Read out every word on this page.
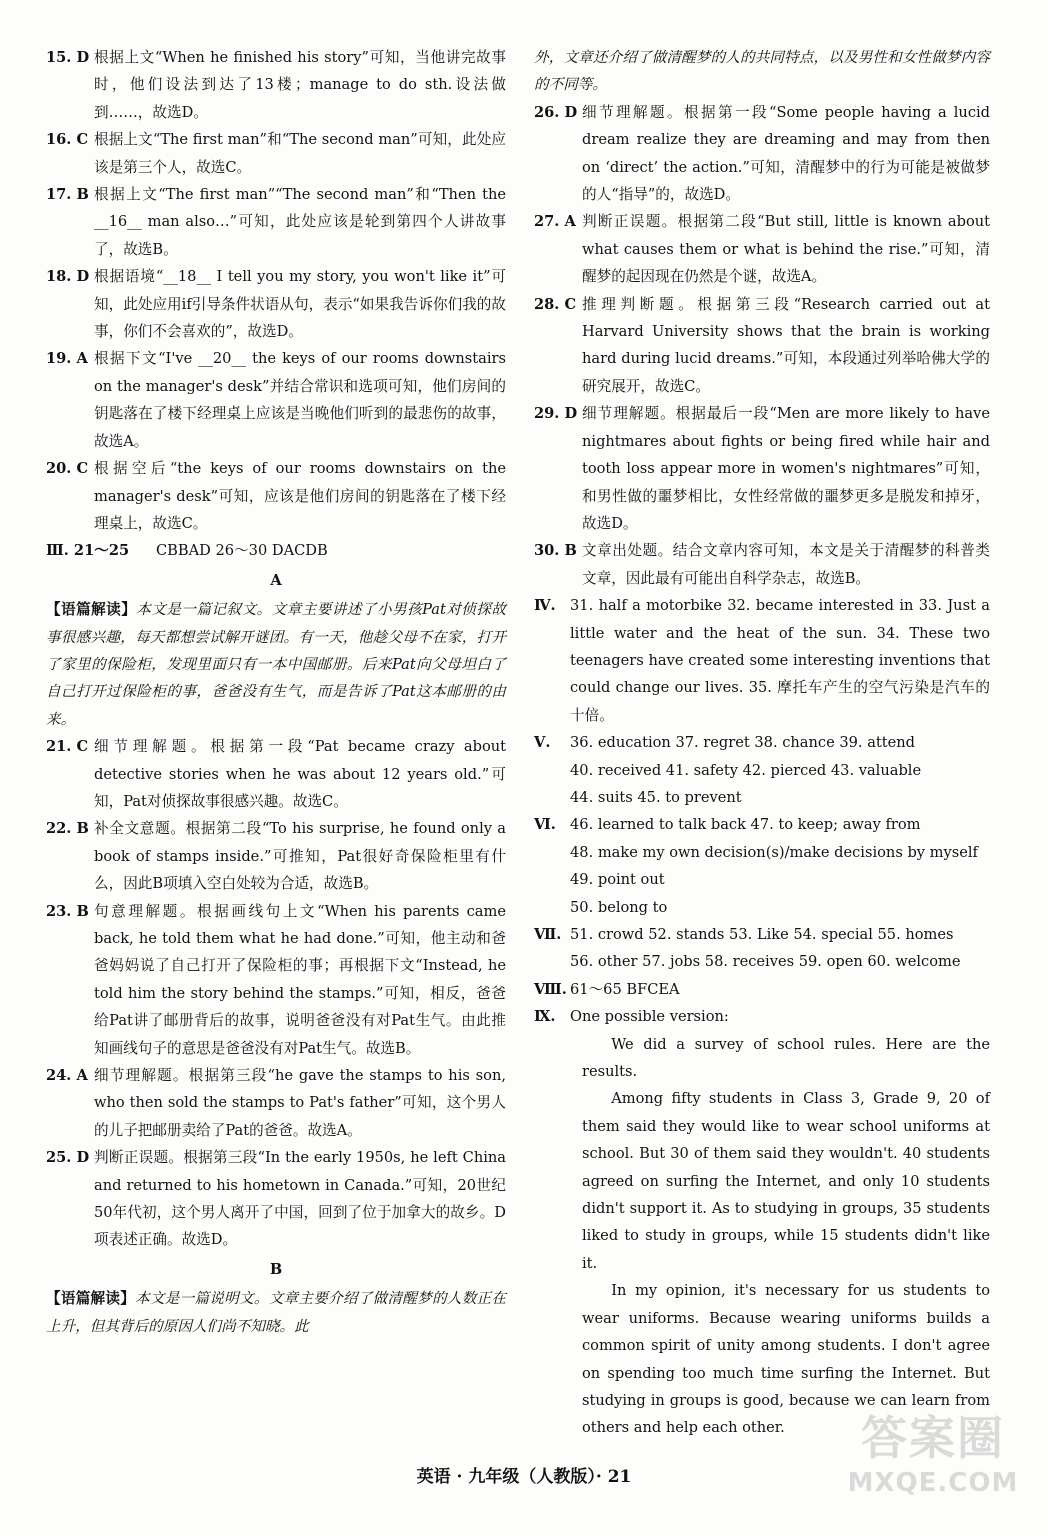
15. D 根据上文“When he finished his story”可知，当他讲完故事时，他们设法到达了13楼；manage to do sth.设法做到……，故选D。
16. C 根据上文“The first man”和“The second man”可知，此处应该是第三个人，故选C。
17. B 根据上文“The first man”“The second man”和“Then the __16__ man also…”可知，此处应该是轮到第四个人讲故事了，故选B。
18. D 根据语境“__18__ I tell you my story, you won't like it”可知，此处应用if引导条件状语从句，表示“如果我告诉你们我的故事，你们不会喜欢的”，故选D。
19. A 根据下文“I've __20__ the keys of our rooms downstairs on the manager's desk”并结合常识和选项可知，他们房间的钥匙落在了楼下经理桌上应该是当晚他们听到的最悲伤的故事，故选A。
20. C 根据空后“the keys of our rooms downstairs on the manager's desk”可知，应该是他们房间的钥匙落在了楼下经理桌上，故选C。
Ⅲ. 21～25	CBBAD 26～30 DACDB
A
【语篇解读】本文是一篇记叙文。文章主要讲述了小男孩Pat对侦探故事很感兴趣，每天都想尝试解开谜团。有一天，他趁父母不在家，打开了家里的保险柜，发现里面只有一本中国邮册。后来Pat向父母坦白了自己打开过保险柜的事，爸爸没有生气，而是告诉了Pat这本邮册的由来。
21. C 细节理解题。根据第一段“Pat became crazy about detective stories when he was about 12 years old.”可知，Pat对侦探故事很感兴趣。故选C。
22. B 补全文意题。根据第二段“To his surprise, he found only a book of stamps inside.”可推知，Pat很好奇保险柜里有什么，因此B项填入空白处较为合适，故选B。
23. B 句意理解题。根据画线句上文“When his parents came back, he told them what he had done.”可知，他主动和爸爸妈妈说了自己打开了保险柜的事；再根据下文“Instead, he told him the story behind the stamps.”可知，相反，爸爸给Pat讲了邮册背后的故事，说明爸爸没有对Pat生气。由此推知画线句子的意思是爸爸没有对Pat生气。故选B。
24. A 细节理解题。根据第三段“he gave the stamps to his son, who then sold the stamps to Pat's father”可知，这个男人的儿子把邮册卖给了Pat的爸爸。故选A。
25. D 判断正误题。根据第三段“In the early 1950s, he left China and returned to his hometown in Canada.”可知，20世纪50年代初，这个男人离开了中国，回到了位于加拿大的故乡。D项表述正确。故选D。
B
【语篇解读】本文是一篇说明文。文章主要介绍了做清醒梦的人数正在上升，但其背后的原因人们尚不知晓。此
外，文章还介绍了做清醒梦的人的共同特点，以及男性和女性做梦内容的不同等。
26. D 细节理解题。根据第一段“Some people having a lucid dream realize they are dreaming and may from then on ‘direct’ the action.”可知，清醒梦中的行为可能是被做梦的人“指导”的，故选D。
27. A 判断正误题。根据第二段“But still, little is known about what causes them or what is behind the rise.”可知，清醒梦的起因现在仍然是个谜，故选A。
28. C 推理判断题。根据第三段“Research carried out at Harvard University shows that the brain is working hard during lucid dreams.”可知，本段通过列举哈佛大学的研究展开，故选C。
29. D 细节理解题。根据最后一段“Men are more likely to have nightmares about fights or being fired while hair and tooth loss appear more in women's nightmares”可知，和男性做的噩梦相比，女性经常做的噩梦更多是脱发和掉牙，故选D。
30. B 文章出处题。结合文章内容可知，本文是关于清醒梦的科普类文章，因此最有可能出自科学杂志，故选B。
Ⅳ. 31. half a motorbike 32. became interested in 33. Just a little water and the heat of the sun. 34. These two teenagers have created some interesting inventions that could change our lives. 35. 摩托车产生的空气污染是汽车的十倍。
Ⅴ.	36. education 37. regret 38. chance 39. attend
40. received 41. safety 42. pierced 43. valuable
44. suits 45. to prevent
Ⅵ. 46. learned to talk back 47. to keep; away from
48. make my own decision(s)/make decisions by myself
49. point out
50. belong to
Ⅶ. 51. crowd 52. stands 53. Like 54. special 55. homes
56. other 57. jobs 58. receives 59. open 60. welcome
Ⅷ. 61～65 BFCEA
Ⅸ. One possible version:
We did a survey of school rules. Here are the results.
Among fifty students in Class 3, Grade 9, 20 of them said they would like to wear school uniforms at school. But 30 of them said they wouldn't. 40 students agreed on surfing the Internet, and only 10 students didn't support it. As to studying in groups, 35 students liked to study in groups, while 15 students didn't like it.
In my opinion, it's necessary for us students to wear uniforms. Because wearing uniforms builds a common spirit of unity among students. I don't agree on spending too much time surfing the Internet. But studying in groups is good, because we can learn from others and help each other.
英语 · 九年级（人教版）· 21
答案圈
MXQE.COM
